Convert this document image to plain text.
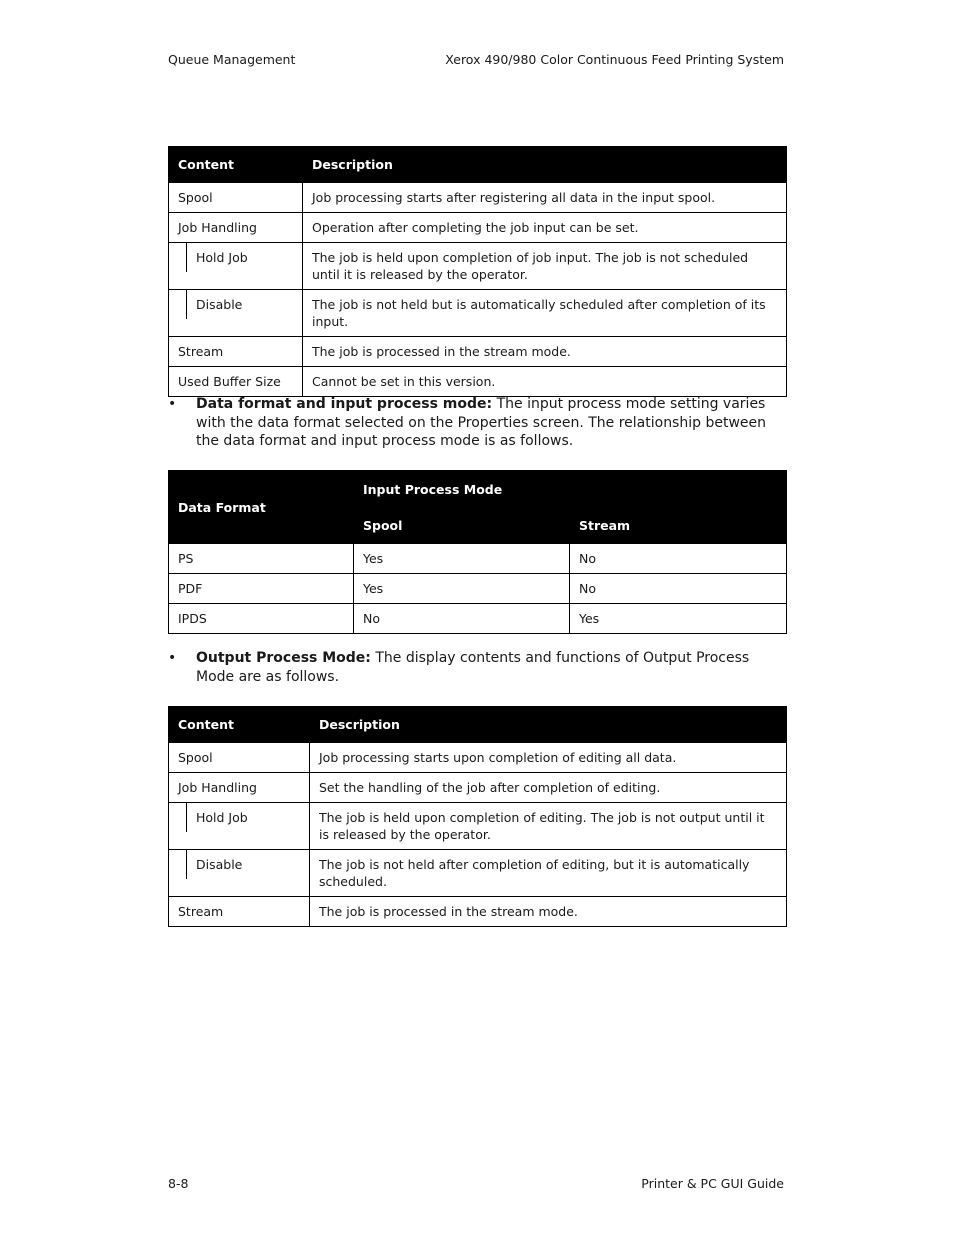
Queue Management	Xerox 490/980 Color Continuous Feed Printing System
Content	Description
Spool	Job processing starts after registering all data in the input spool.
Job Handling	Operation after completing the job input can be set.

Hold Job	The job is held upon completion of job input. The job is not scheduled until it is released by the operator.

Disable	The job is not held but is automatically scheduled after completion of its input.
Stream	The job is processed in the stream mode.
Used Buffer Size	Cannot be set in this version.
• Data format and input process mode: The input process mode setting varies with the data format selected on the Properties screen. The relationship between the data format and input process mode is as follows.
Data Format	Input Process Mode	
	Spool	Stream
PS	Yes	No
PDF	Yes	No
IPDS	No	Yes
• Output Process Mode: The display contents and functions of Output Process Mode are as follows.
Content	Description
Spool	Job processing starts upon completion of editing all data.
Job Handling	Set the handling of the job after completion of editing.

Hold Job	The job is held upon completion of editing. The job is not output until it is released by the operator.

Disable	The job is not held after completion of editing, but it is automatically scheduled.
Stream	The job is processed in the stream mode.
8-8	Printer & PC GUI Guide
